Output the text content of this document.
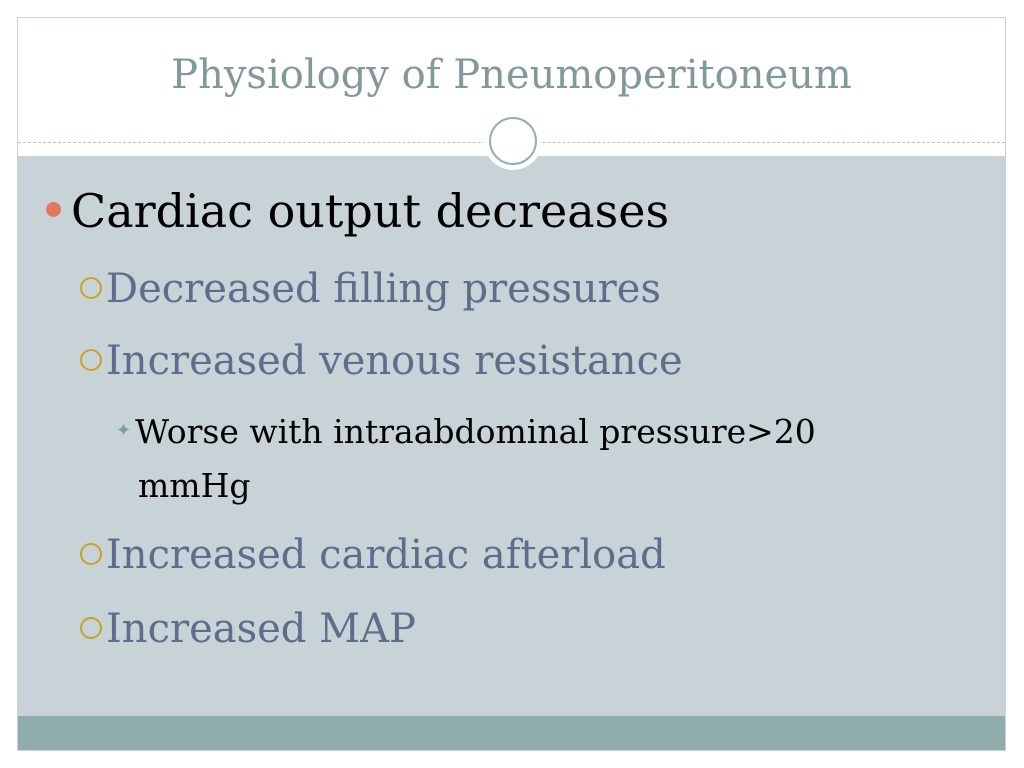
Physiology of Pneumoperitoneum
Cardiac output decreases
Decreased filling pressures
Increased venous resistance
✦ Worse with intraabdominal pressure>20
mmHg
Increased cardiac afterload
Increased MAP
